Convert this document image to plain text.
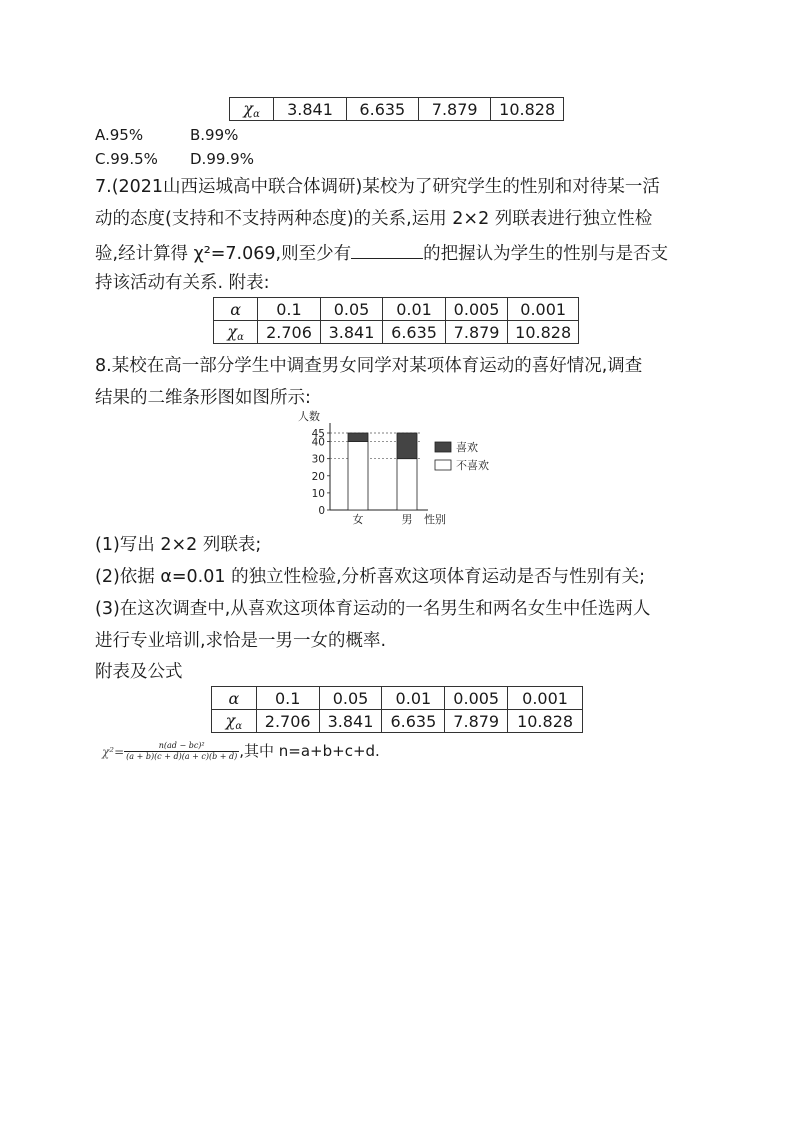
$\chi_\alpha$	3.841	6.635	7.879	10.828
A.95%	B.99%
C.99.5% D.99.9%
7.(2021山西运城高中联合体调研)某校为了研究学生的性别和对待某一活
动的态度(支持和不支持两种态度)的关系,运用 2×2 列联表进行独立性检
验,经计算得 χ²=7.069,则至少有	的把握认为学生的性别与是否支
持该活动有关系. 附表:
α	0.1	0.05	0.01	0.005	0.001
$\chi_\alpha$	2.706	3.841	6.635	7.879	10.828
8.某校在高一部分学生中调查男女同学对某项体育运动的喜好情况,调查
结果的二维条形图如图所示:
人数
性别
0
10
20
30
40
45
女	男
喜欢
不喜欢
(1)写出 2×2 列联表;
(2)依据 α=0.01 的独立性检验,分析喜欢这项体育运动是否与性别有关;
(3)在这次调查中,从喜欢这项体育运动的一名男生和两名女生中任选两人
进行专业培训,求恰是一男一女的概率.
附表及公式
α	0.1	0.05	0.01	0.005	0.001
$\chi_\alpha$	2.706	3.841	6.635	7.879	10.828
$\chi^2= \frac{\text{n(ad − bc)²}}{(a + b)(c + d)(a + c)(b + d)}$ ,其中 n=a+b+c+d.
